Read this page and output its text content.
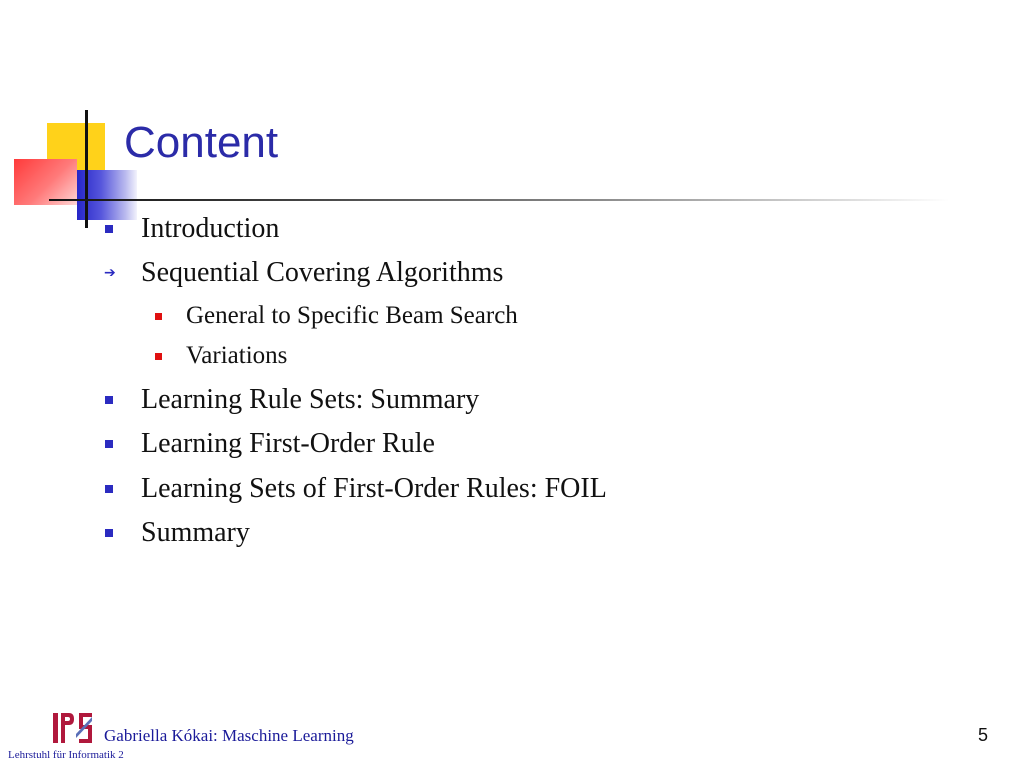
Content
Introduction
➔ Sequential Covering Algorithms
General to Specific Beam Search
Variations
Learning Rule Sets: Summary
Learning First-Order Rule
Learning Sets of First-Order Rules: FOIL
Summary
Gabriella Kókai: Maschine Learning
Lehrstuhl für Informatik 2
5
